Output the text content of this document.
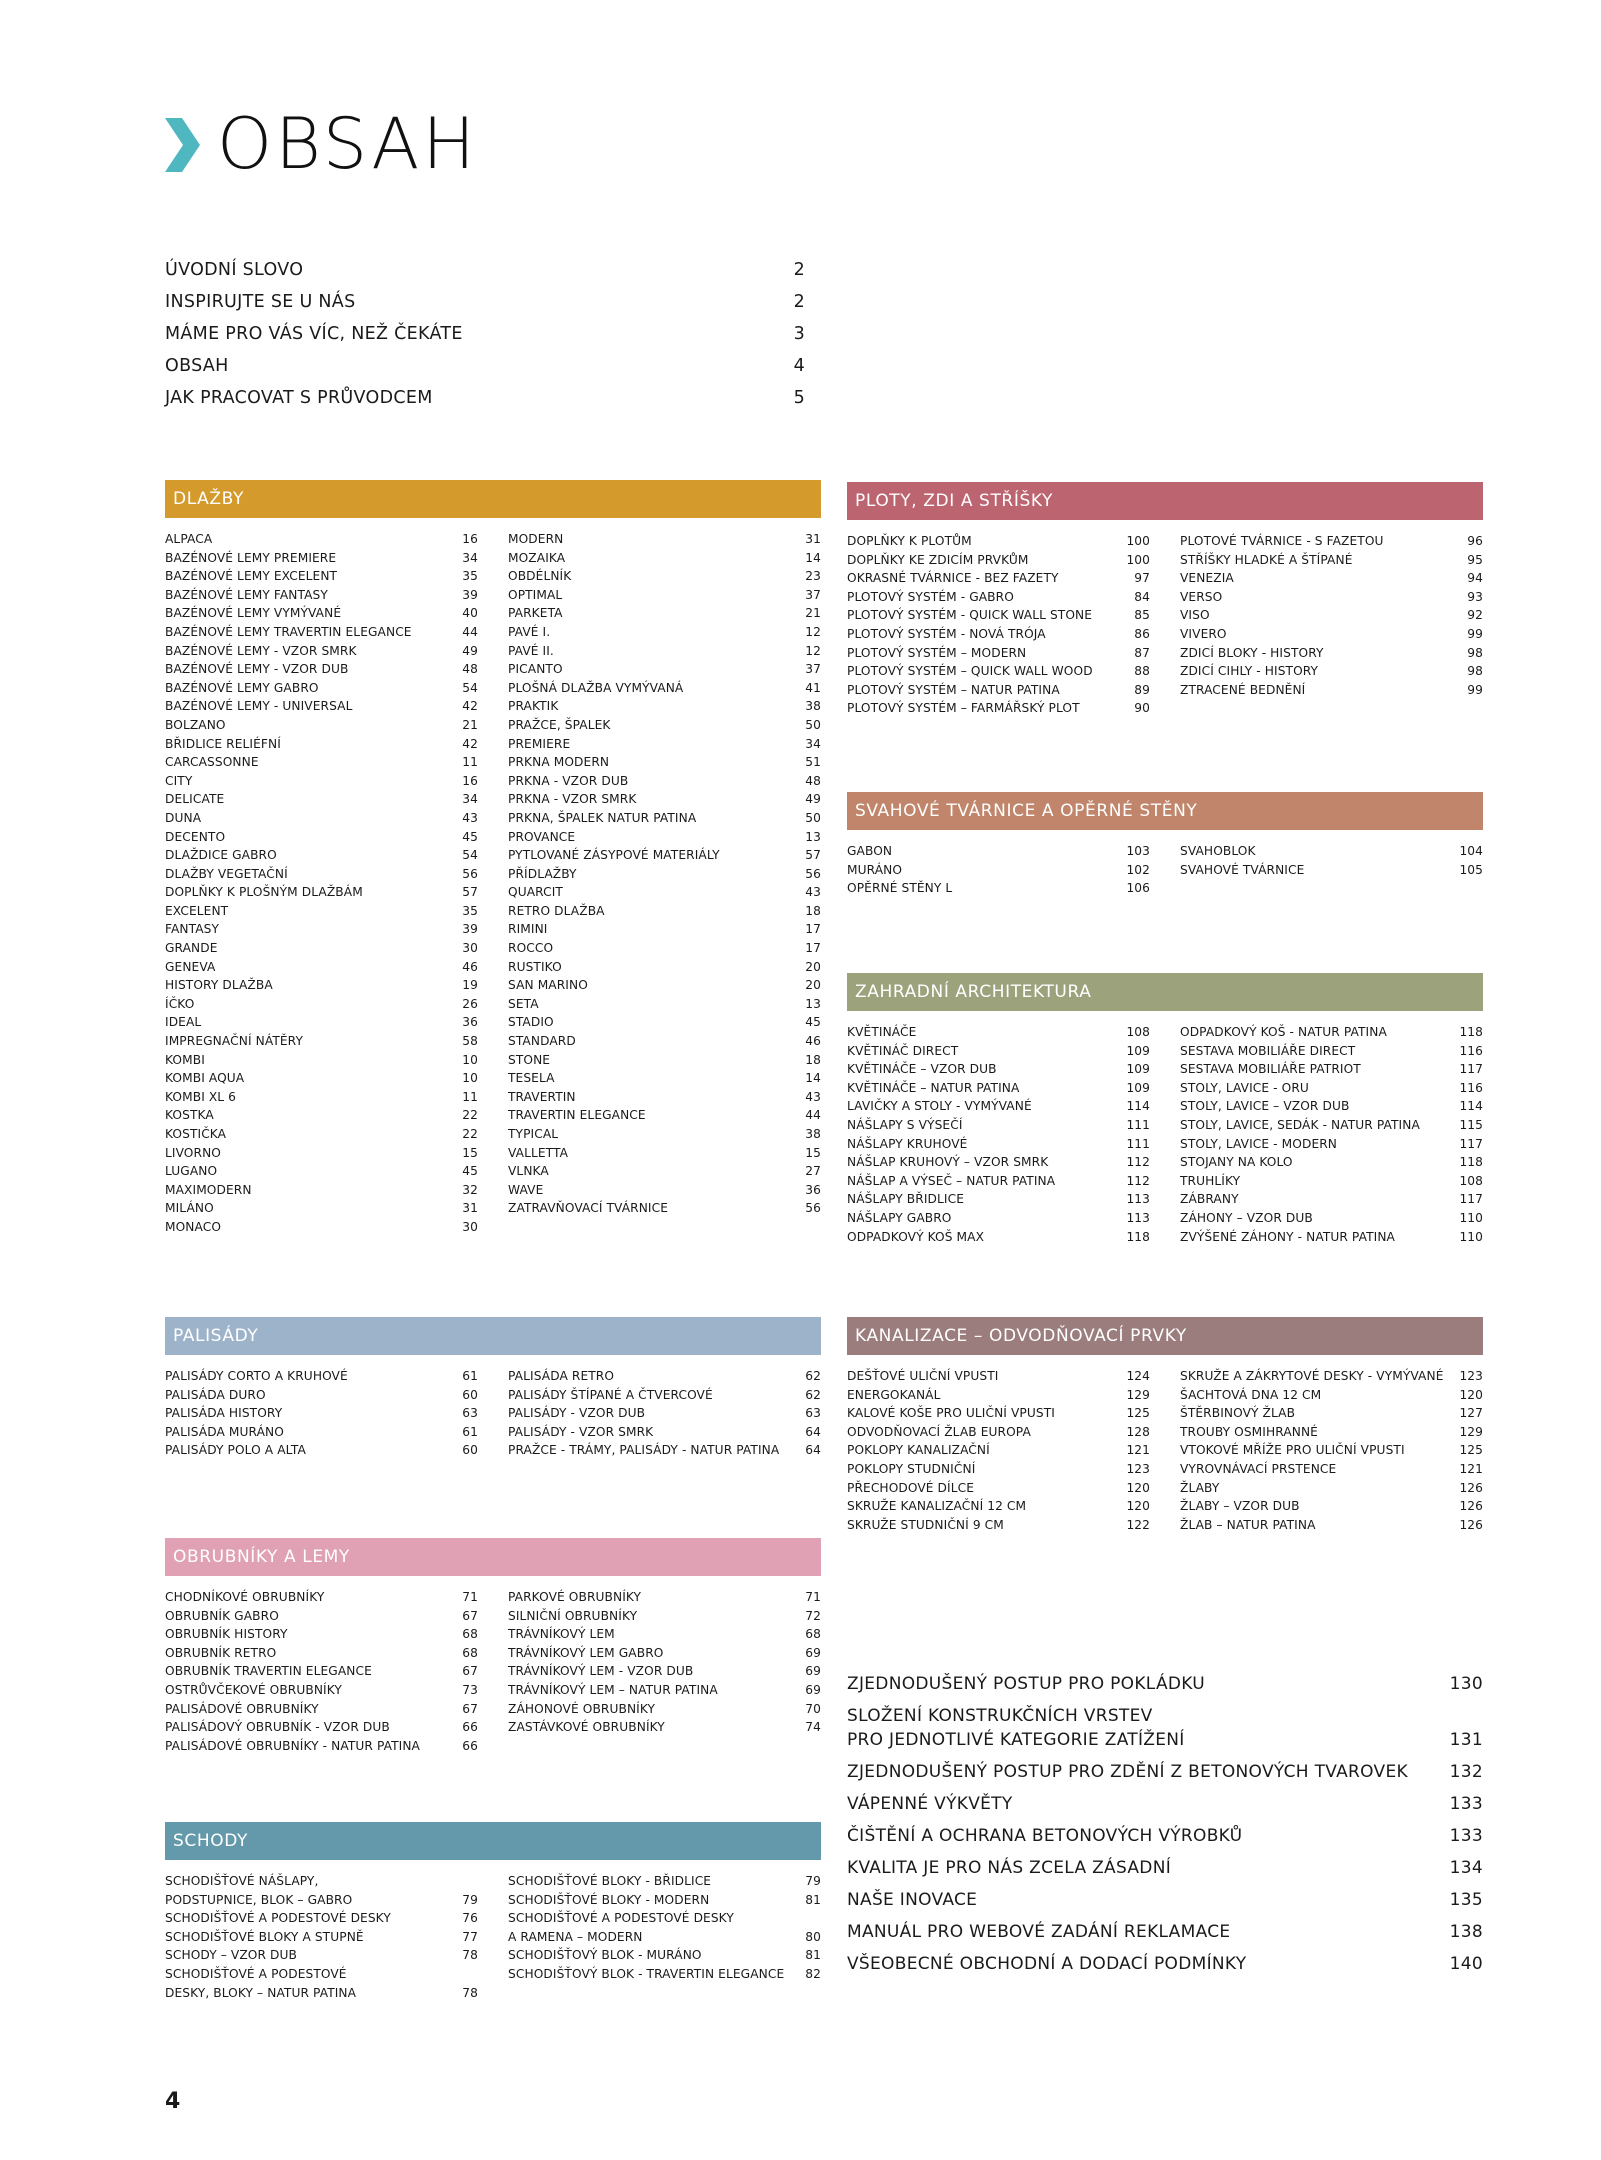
OBSAH
ÚVODNÍ SLOVO	2
INSPIRUJTE SE U NÁS	2
MÁME PRO VÁS VÍC, NEŽ ČEKÁTE	3
OBSAH	4
JAK PRACOVAT S PRŮVODCEM	5
DLAŽBY
ALPACA	16
BAZÉNOVÉ LEMY PREMIERE	34
BAZÉNOVÉ LEMY EXCELENT	35
BAZÉNOVÉ LEMY FANTASY	39
BAZÉNOVÉ LEMY VYMÝVANÉ	40
BAZÉNOVÉ LEMY TRAVERTIN ELEGANCE	44
BAZÉNOVÉ LEMY - VZOR SMRK	49
BAZÉNOVÉ LEMY - VZOR DUB	48
BAZÉNOVÉ LEMY GABRO	54
BAZÉNOVÉ LEMY - UNIVERSAL	42
BOLZANO	21
BŘIDLICE RELIÉFNÍ	42
CARCASSONNE	11
CITY	16
DELICATE	34
DUNA	43
DECENTO	45
DLAŽDICE GABRO	54
DLAŽBY VEGETAČNÍ	56
DOPLŇKY K PLOŠNÝM DLAŽBÁM	57
EXCELENT	35
FANTASY	39
GRANDE	30
GENEVA	46
HISTORY DLAŽBA	19
ÍČKO	26
IDEAL	36
IMPREGNAČNÍ NÁTĚRY	58
KOMBI	10
KOMBI AQUA	10
KOMBI XL 6	11
KOSTKA	22
KOSTIČKA	22
LIVORNO	15
LUGANO	45
MAXIMODERN	32
MILÁNO	31
MONACO	30
MODERN	31
MOZAIKA	14
OBDÉLNÍK	23
OPTIMAL	37
PARKETA	21
PAVÉ I.	12
PAVÉ II.	12
PICANTO	37
PLOŠNÁ DLAŽBA VYMÝVANÁ	41
PRAKTIK	38
PRAŽCE, ŠPALEK	50
PREMIERE	34
PRKNA MODERN	51
PRKNA - VZOR DUB	48
PRKNA - VZOR SMRK	49
PRKNA, ŠPALEK NATUR PATINA	50
PROVANCE	13
PYTLOVANÉ ZÁSYPOVÉ MATERIÁLY	57
PŘÍDLAŽBY	56
QUARCIT	43
RETRO DLAŽBA	18
RIMINI	17
ROCCO	17
RUSTIKO	20
SAN MARINO	20
SETA	13
STADIO	45
STANDARD	46
STONE	18
TESELA	14
TRAVERTIN	43
TRAVERTIN ELEGANCE	44
TYPICAL	38
VALLETTA	15
VLNKA	27
WAVE	36
ZATRAVŇOVACÍ TVÁRNICE	56
PLOTY, ZDI A STŘÍŠKY
DOPLŇKY K PLOTŮM	100
DOPLŇKY KE ZDICÍM PRVKŮM	100
OKRASNÉ TVÁRNICE - BEZ FAZETY	97
PLOTOVÝ SYSTÉM - GABRO	84
PLOTOVÝ SYSTÉM - QUICK WALL STONE	85
PLOTOVÝ SYSTÉM - NOVÁ TRÓJA	86
PLOTOVÝ SYSTÉM – MODERN	87
PLOTOVÝ SYSTÉM – QUICK WALL WOOD	88
PLOTOVÝ SYSTÉM – NATUR PATINA	89
PLOTOVÝ SYSTÉM – FARMÁŘSKÝ PLOT	90
PLOTOVÉ TVÁRNICE - S FAZETOU	96
STŘÍŠKY HLADKÉ A ŠTÍPANÉ	95
VENEZIA	94
VERSO	93
VISO	92
VIVERO	99
ZDICÍ BLOKY - HISTORY	98
ZDICÍ CIHLY - HISTORY	98
ZTRACENÉ BEDNĚNÍ	99
SVAHOVÉ TVÁRNICE A OPĚRNÉ STĚNY
GABON	103
MURÁNO	102
OPĚRNÉ STĚNY L	106
SVAHOBLOK	104
SVAHOVÉ TVÁRNICE	105
ZAHRADNÍ ARCHITEKTURA
KVĚTINÁČE	108
KVĚTINÁČ DIRECT	109
KVĚTINÁČE – VZOR DUB	109
KVĚTINÁČE – NATUR PATINA	109
LAVIČKY A STOLY - VYMÝVANÉ	114
NÁŠLAPY S VÝSEČÍ	111
NÁŠLAPY KRUHOVÉ	111
NÁŠLAP KRUHOVÝ – VZOR SMRK	112
NÁŠLAP A VÝSEČ – NATUR PATINA	112
NÁŠLAPY BŘIDLICE	113
NÁŠLAPY GABRO	113
ODPADKOVÝ KOŠ MAX	118
ODPADKOVÝ KOŠ - NATUR PATINA	118
SESTAVA MOBILIÁŘE DIRECT	116
SESTAVA MOBILIÁŘE PATRIOT	117
STOLY, LAVICE - ORU	116
STOLY, LAVICE – VZOR DUB	114
STOLY, LAVICE, SEDÁK - NATUR PATINA	115
STOLY, LAVICE - MODERN	117
STOJANY NA KOLO	118
TRUHLÍKY	108
ZÁBRANY	117
ZÁHONY – VZOR DUB	110
ZVÝŠENÉ ZÁHONY - NATUR PATINA	110
PALISÁDY
PALISÁDY CORTO A KRUHOVÉ	61
PALISÁDA DURO	60
PALISÁDA HISTORY	63
PALISÁDA MURÁNO	61
PALISÁDY POLO A ALTA	60
PALISÁDA RETRO	62
PALISÁDY ŠTÍPANÉ A ČTVERCOVÉ	62
PALISÁDY - VZOR DUB	63
PALISÁDY - VZOR SMRK	64
PRAŽCE - TRÁMY, PALISÁDY - NATUR PATINA 64
KANALIZACE – ODVODŇOVACÍ PRVKY
DEŠŤOVÉ ULIČNÍ VPUSTI	124
ENERGOKANÁL	129
KALOVÉ KOŠE PRO ULIČNÍ VPUSTI	125
ODVODŇOVACÍ ŽLAB EUROPA	128
POKLOPY KANALIZAČNÍ	121
POKLOPY STUDNIČNÍ	123
PŘECHODOVÉ DÍLCE	120
SKRUŽE KANALIZAČNÍ 12 CM	120
SKRUŽE STUDNIČNÍ 9 CM	122
SKRUŽE A ZÁKRYTOVÉ DESKY - VYMÝVANÉ 123
ŠACHTOVÁ DNA 12 CM	120
ŠTĚRBINOVÝ ŽLAB	127
TROUBY OSMIHRANNÉ	129
VTOKOVÉ MŘÍŽE PRO ULIČNÍ VPUSTI	125
VYROVNÁVACÍ PRSTENCE	121
ŽLABY	126
ŽLABY – VZOR DUB	126
ŽLAB – NATUR PATINA	126
OBRUBNÍKY A LEMY
CHODNÍKOVÉ OBRUBNÍKY	71
OBRUBNÍK GABRO	67
OBRUBNÍK HISTORY	68
OBRUBNÍK RETRO	68
OBRUBNÍK TRAVERTIN ELEGANCE	67
OSTRŮVČEKOVÉ OBRUBNÍKY	73
PALISÁDOVÉ OBRUBNÍKY	67
PALISÁDOVÝ OBRUBNÍK - VZOR DUB	66
PALISÁDOVÉ OBRUBNÍKY - NATUR PATINA	66
PARKOVÉ OBRUBNÍKY	71
SILNIČNÍ OBRUBNÍKY	72
TRÁVNÍKOVÝ LEM	68
TRÁVNÍKOVÝ LEM GABRO	69
TRÁVNÍKOVÝ LEM - VZOR DUB	69
TRÁVNÍKOVÝ LEM – NATUR PATINA	69
ZÁHONOVÉ OBRUBNÍKY	70
ZASTÁVKOVÉ OBRUBNÍKY	74
SCHODY
SCHODIŠŤOVÉ NÁŠLAPY,
PODSTUPNICE, BLOK – GABRO	79
SCHODIŠŤOVÉ A PODESTOVÉ DESKY	76
SCHODIŠŤOVÉ BLOKY A STUPNĚ	77
SCHODY – VZOR DUB	78
SCHODIŠŤOVÉ A PODESTOVÉ
DESKY, BLOKY – NATUR PATINA	78
SCHODIŠŤOVÉ BLOKY - BŘIDLICE	79
SCHODIŠŤOVÉ BLOKY - MODERN	81
SCHODIŠŤOVÉ A PODESTOVÉ DESKY
A RAMENA – MODERN	80
SCHODIŠŤOVÝ BLOK - MURÁNO	81
SCHODIŠŤOVÝ BLOK - TRAVERTIN ELEGANCE 82
ZJEDNODUŠENÝ POSTUP PRO POKLÁDKU	130
SLOŽENÍ KONSTRUKČNÍCH VRSTEV
PRO JEDNOTLIVÉ KATEGORIE ZATÍŽENÍ	131
ZJEDNODUŠENÝ POSTUP PRO ZDĚNÍ Z BETONOVÝCH TVAROVEK 132
VÁPENNÉ VÝKVĚTY	133
ČIŠTĚNÍ A OCHRANA BETONOVÝCH VÝROBKŮ	133
KVALITA JE PRO NÁS ZCELA ZÁSADNÍ	134
NAŠE INOVACE	135
MANUÁL PRO WEBOVÉ ZADÁNÍ REKLAMACE	138
VŠEOBECNÉ OBCHODNÍ A DODACÍ PODMÍNKY	140
4
